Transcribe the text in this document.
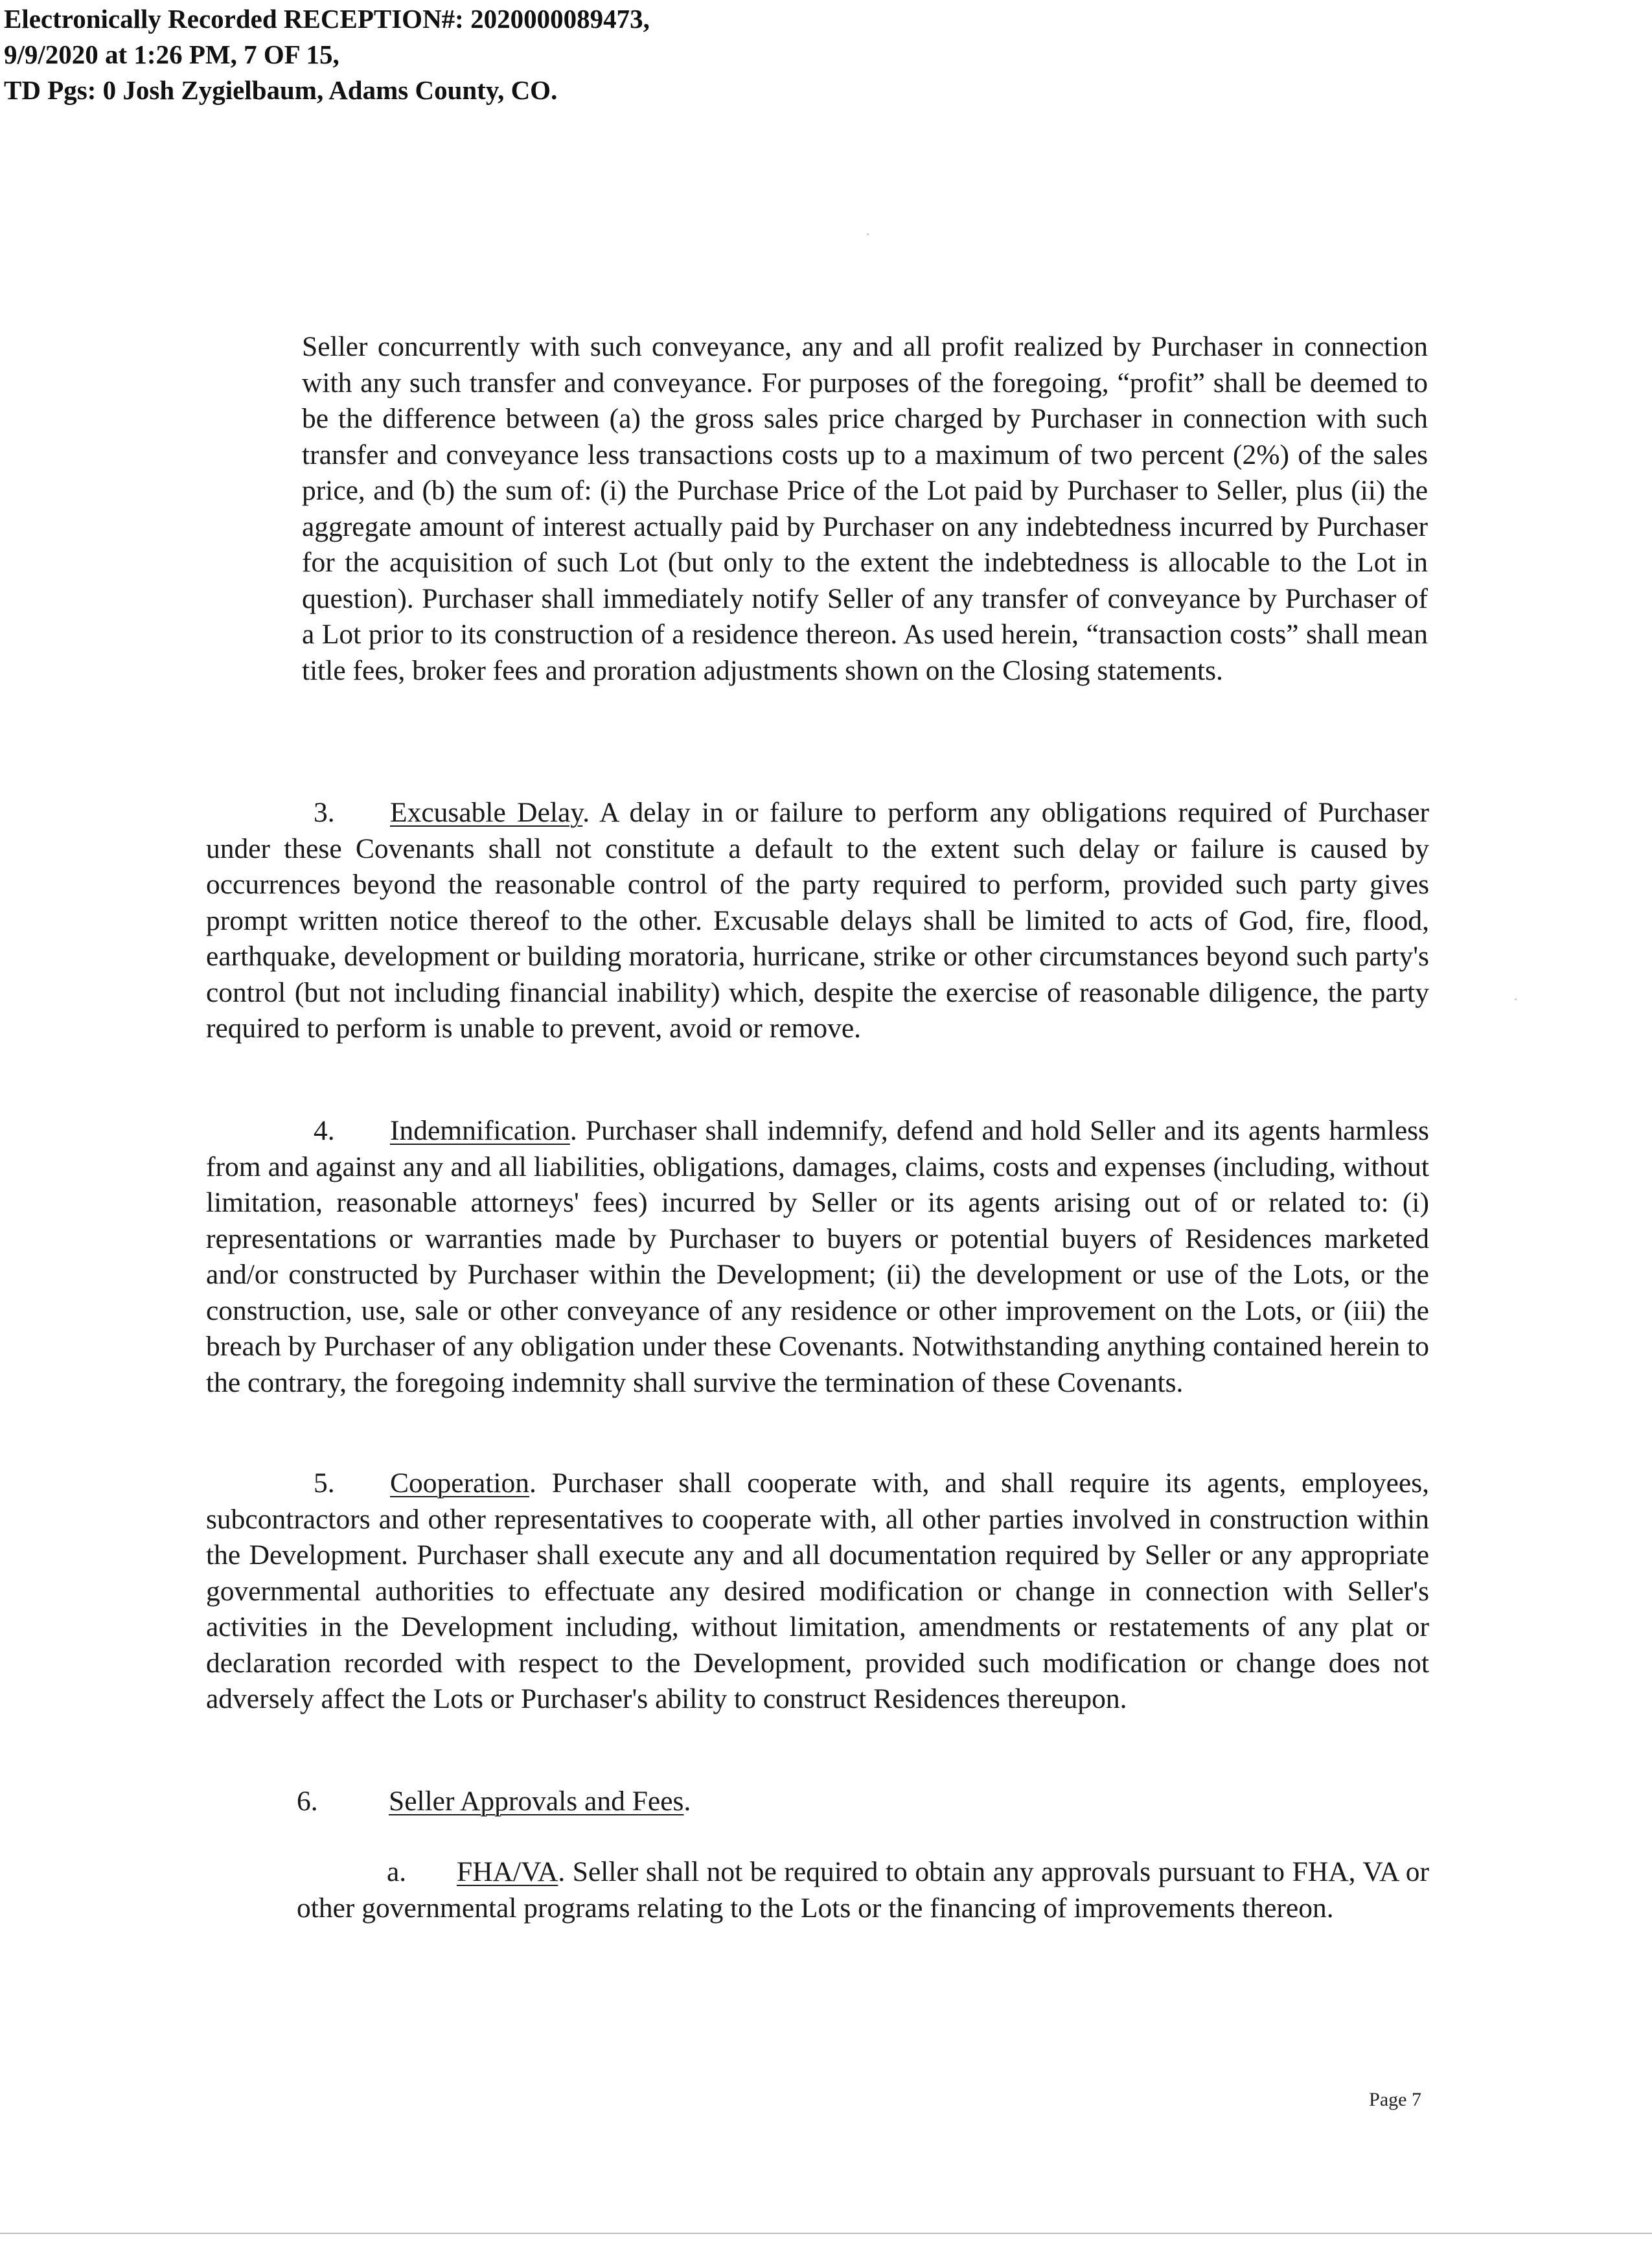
Electronically Recorded RECEPTION#: 2020000089473,
9/9/2020 at 1:26 PM, 7 OF 15,
TD Pgs: 0 Josh Zygielbaum, Adams County, CO.

Seller concurrently with such conveyance, any and all profit realized by Purchaser in connection with any such transfer and conveyance. For purposes of the foregoing, “profit” shall be deemed to be the difference between (a) the gross sales price charged by Purchaser in connection with such transfer and conveyance less transactions costs up to a maximum of two percent (2%) of the sales price, and (b) the sum of: (i) the Purchase Price of the Lot paid by Purchaser to Seller, plus (ii) the aggregate amount of interest actually paid by Purchaser on any indebtedness incurred by Purchaser for the acquisition of such Lot (but only to the extent the indebtedness is allocable to the Lot in question). Purchaser shall immediately notify Seller of any transfer of conveyance by Purchaser of a Lot prior to its construction of a residence thereon. As used herein, “transaction costs” shall mean title fees, broker fees and proration adjustments shown on the Closing statements.

3. Excusable Delay. A delay in or failure to perform any obligations required of Purchaser under these Covenants shall not constitute a default to the extent such delay or failure is caused by occurrences beyond the reasonable control of the party required to perform, provided such party gives prompt written notice thereof to the other. Excusable delays shall be limited to acts of God, fire, flood, earthquake, development or building moratoria, hurricane, strike or other circumstances beyond such party's control (but not including financial inability) which, despite the exercise of reasonable diligence, the party required to perform is unable to prevent, avoid or remove.

4. Indemnification. Purchaser shall indemnify, defend and hold Seller and its agents harmless from and against any and all liabilities, obligations, damages, claims, costs and expenses (including, without limitation, reasonable attorneys' fees) incurred by Seller or its agents arising out of or related to: (i) representations or warranties made by Purchaser to buyers or potential buyers of Residences marketed and/or constructed by Purchaser within the Development; (ii) the development or use of the Lots, or the construction, use, sale or other conveyance of any residence or other improvement on the Lots, or (iii) the breach by Purchaser of any obligation under these Covenants. Notwithstanding anything contained herein to the contrary, the foregoing indemnity shall survive the termination of these Covenants.

5. Cooperation. Purchaser shall cooperate with, and shall require its agents, employees, subcontractors and other representatives to cooperate with, all other parties involved in construction within the Development. Purchaser shall execute any and all documentation required by Seller or any appropriate governmental authorities to effectuate any desired modification or change in connection with Seller's activities in the Development including, without limitation, amendments or restatements of any plat or declaration recorded with respect to the Development, provided such modification or change does not adversely affect the Lots or Purchaser's ability to construct Residences thereupon.

6.	Seller Approvals and Fees.

a. FHA/VA. Seller shall not be required to obtain any approvals pursuant to FHA, VA or other governmental programs relating to the Lots or the financing of improvements thereon.

Page 7
